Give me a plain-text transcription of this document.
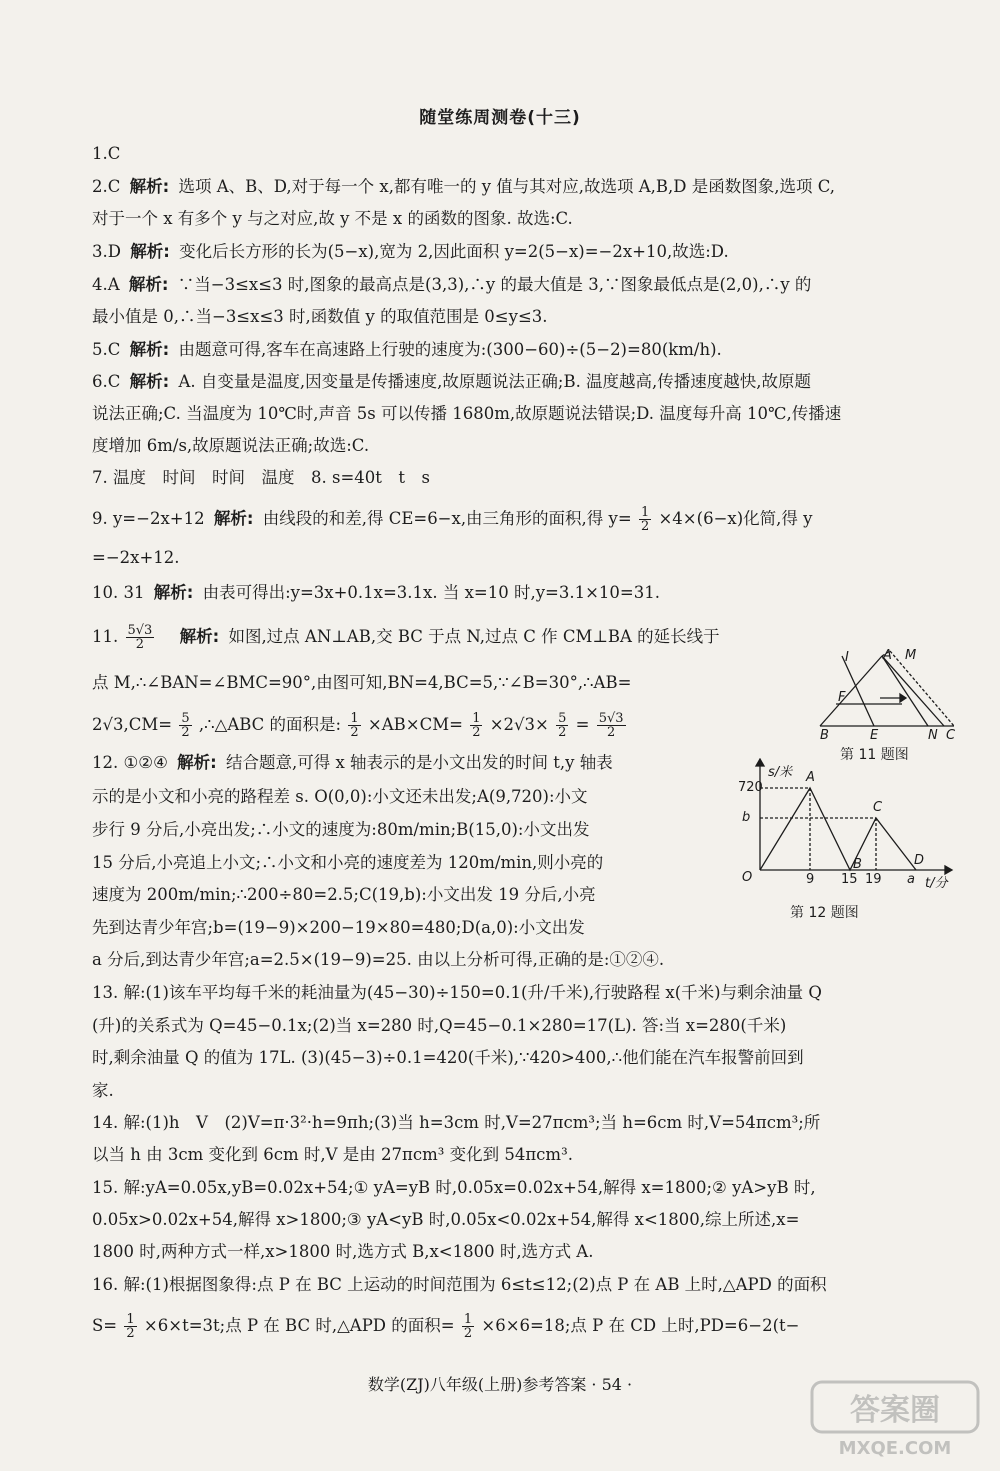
随堂练周测卷(十三)
1.C
2.C 解析: 选项 A、B、D,对于每一个 x,都有唯一的 y 值与其对应,故选项 A,B,D 是函数图象,选项 C,
对于一个 x 有多个 y 与之对应,故 y 不是 x 的函数的图象. 故选:C.
3.D 解析: 变化后长方形的长为(5−x),宽为 2,因此面积 y=2(5−x)=−2x+10,故选:D.
4.A 解析: ∵当−3≤x≤3 时,图象的最高点是(3,3),∴y 的最大值是 3,∵图象最低点是(2,0),∴y 的
最小值是 0,∴当−3≤x≤3 时,函数值 y 的取值范围是 0≤y≤3.
5.C 解析: 由题意可得,客车在高速路上行驶的速度为:(300−60)÷(5−2)=80(km/h).
6.C 解析: A. 自变量是温度,因变量是传播速度,故原题说法正确;B. 温度越高,传播速度越快,故原题
说法正确;C. 当温度为 10℃时,声音 5s 可以传播 1680m,故原题说法错误;D. 温度每升高 10℃,传播速
度增加 6m/s,故原题说法正确;故选:C.
7. 温度　时间　时间　温度　8. s=40t　t　s
9. y=−2x+12 解析: 由线段的和差,得 CE=6−x,由三角形的面积,得 $y= \frac{1}{2} \times 4\times(6-x)$化简,得 y
=−2x+12.
10. 31 解析: 由表可得出:y=3x+0.1x=3.1x. 当 x=10 时,y=3.1×10=31.
11. $\frac{5√3}{2}$ 解析: 如图,过点 AN⊥AB,交 BC 于点 N,过点 C 作 CM⊥BA 的延长线于
点 M,∴∠BAN=∠BMC=90°,由图可知,BN=4,BC=5,∵∠B=30°,∴AB=
$2√3,CM= \frac{5}{2}$ ,∴△ABC 的面积是: $\frac{1}{2} \times AB\times CM= \frac{1}{2} \times 2√3\times \frac{5}{2} = \frac{5√3}{2}$
I	A M
F
B	E	N C
第 11 题图
12. ①②④ 解析: 结合题意,可得 x 轴表示的是小文出发的时间 t,y 轴表
示的是小文和小亮的路程差 s. O(0,0):小文还未出发;A(9,720):小文
步行 9 分后,小亮出发;∴小文的速度为:80m/min;B(15,0):小文出发
15 分后,小亮追上小文;∴小文和小亮的速度差为 120m/min,则小亮的
速度为 200m/min;∴200÷80=2.5;C(19,b):小文出发 19 分后,小亮
先到达青少年宫;b=(19−9)×200−19×80=480;D(a,0):小文出发
a 分后,到达青少年宫;a=2.5×(19−9)=25. 由以上分析可得,正确的是:①②④.
720
s/米
b
O	9 15 19 a t/分
A
B
C
D
第 12 题图
13. 解:(1)该车平均每千米的耗油量为(45−30)÷150=0.1(升/千米),行驶路程 x(千米)与剩余油量 Q
(升)的关系式为 Q=45−0.1x;(2)当 x=280 时,Q=45−0.1×280=17(L). 答:当 x=280(千米)
时,剩余油量 Q 的值为 17L. (3)(45−3)÷0.1=420(千米),∵420>400,∴他们能在汽车报警前回到
家.
14. 解:(1)h　V　(2)V=π·3²·h=9πh;(3)当 h=3cm 时,V=27πcm³;当 h=6cm 时,V=54πcm³;所
以当 h 由 3cm 变化到 6cm 时,V 是由 27πcm³ 变化到 54πcm³.
15. 解:yA=0.05x,yB=0.02x+54;① yA=yB 时,0.05x=0.02x+54,解得 x=1800;② yA>yB 时,
0.05x>0.02x+54,解得 x>1800;③ yA<yB 时,0.05x<0.02x+54,解得 x<1800,综上所述,x=
1800 时,两种方式一样,x>1800 时,选方式 B,x<1800 时,选方式 A.
16. 解:(1)根据图象得:点 P 在 BC 上运动的时间范围为 6≤t≤12;(2)点 P 在 AB 上时,△APD 的面积
$S= \frac{1}{2} \times 6\times t=3t$;点 P 在 BC 时,△APD 的面积= $\frac{1}{2} \times 6\times 6=18$;点 P 在 CD 上时,PD=6−2(t−
数学(ZJ)八年级(上册)参考答案 · 54 ·
答案圈
MXQE.COM
